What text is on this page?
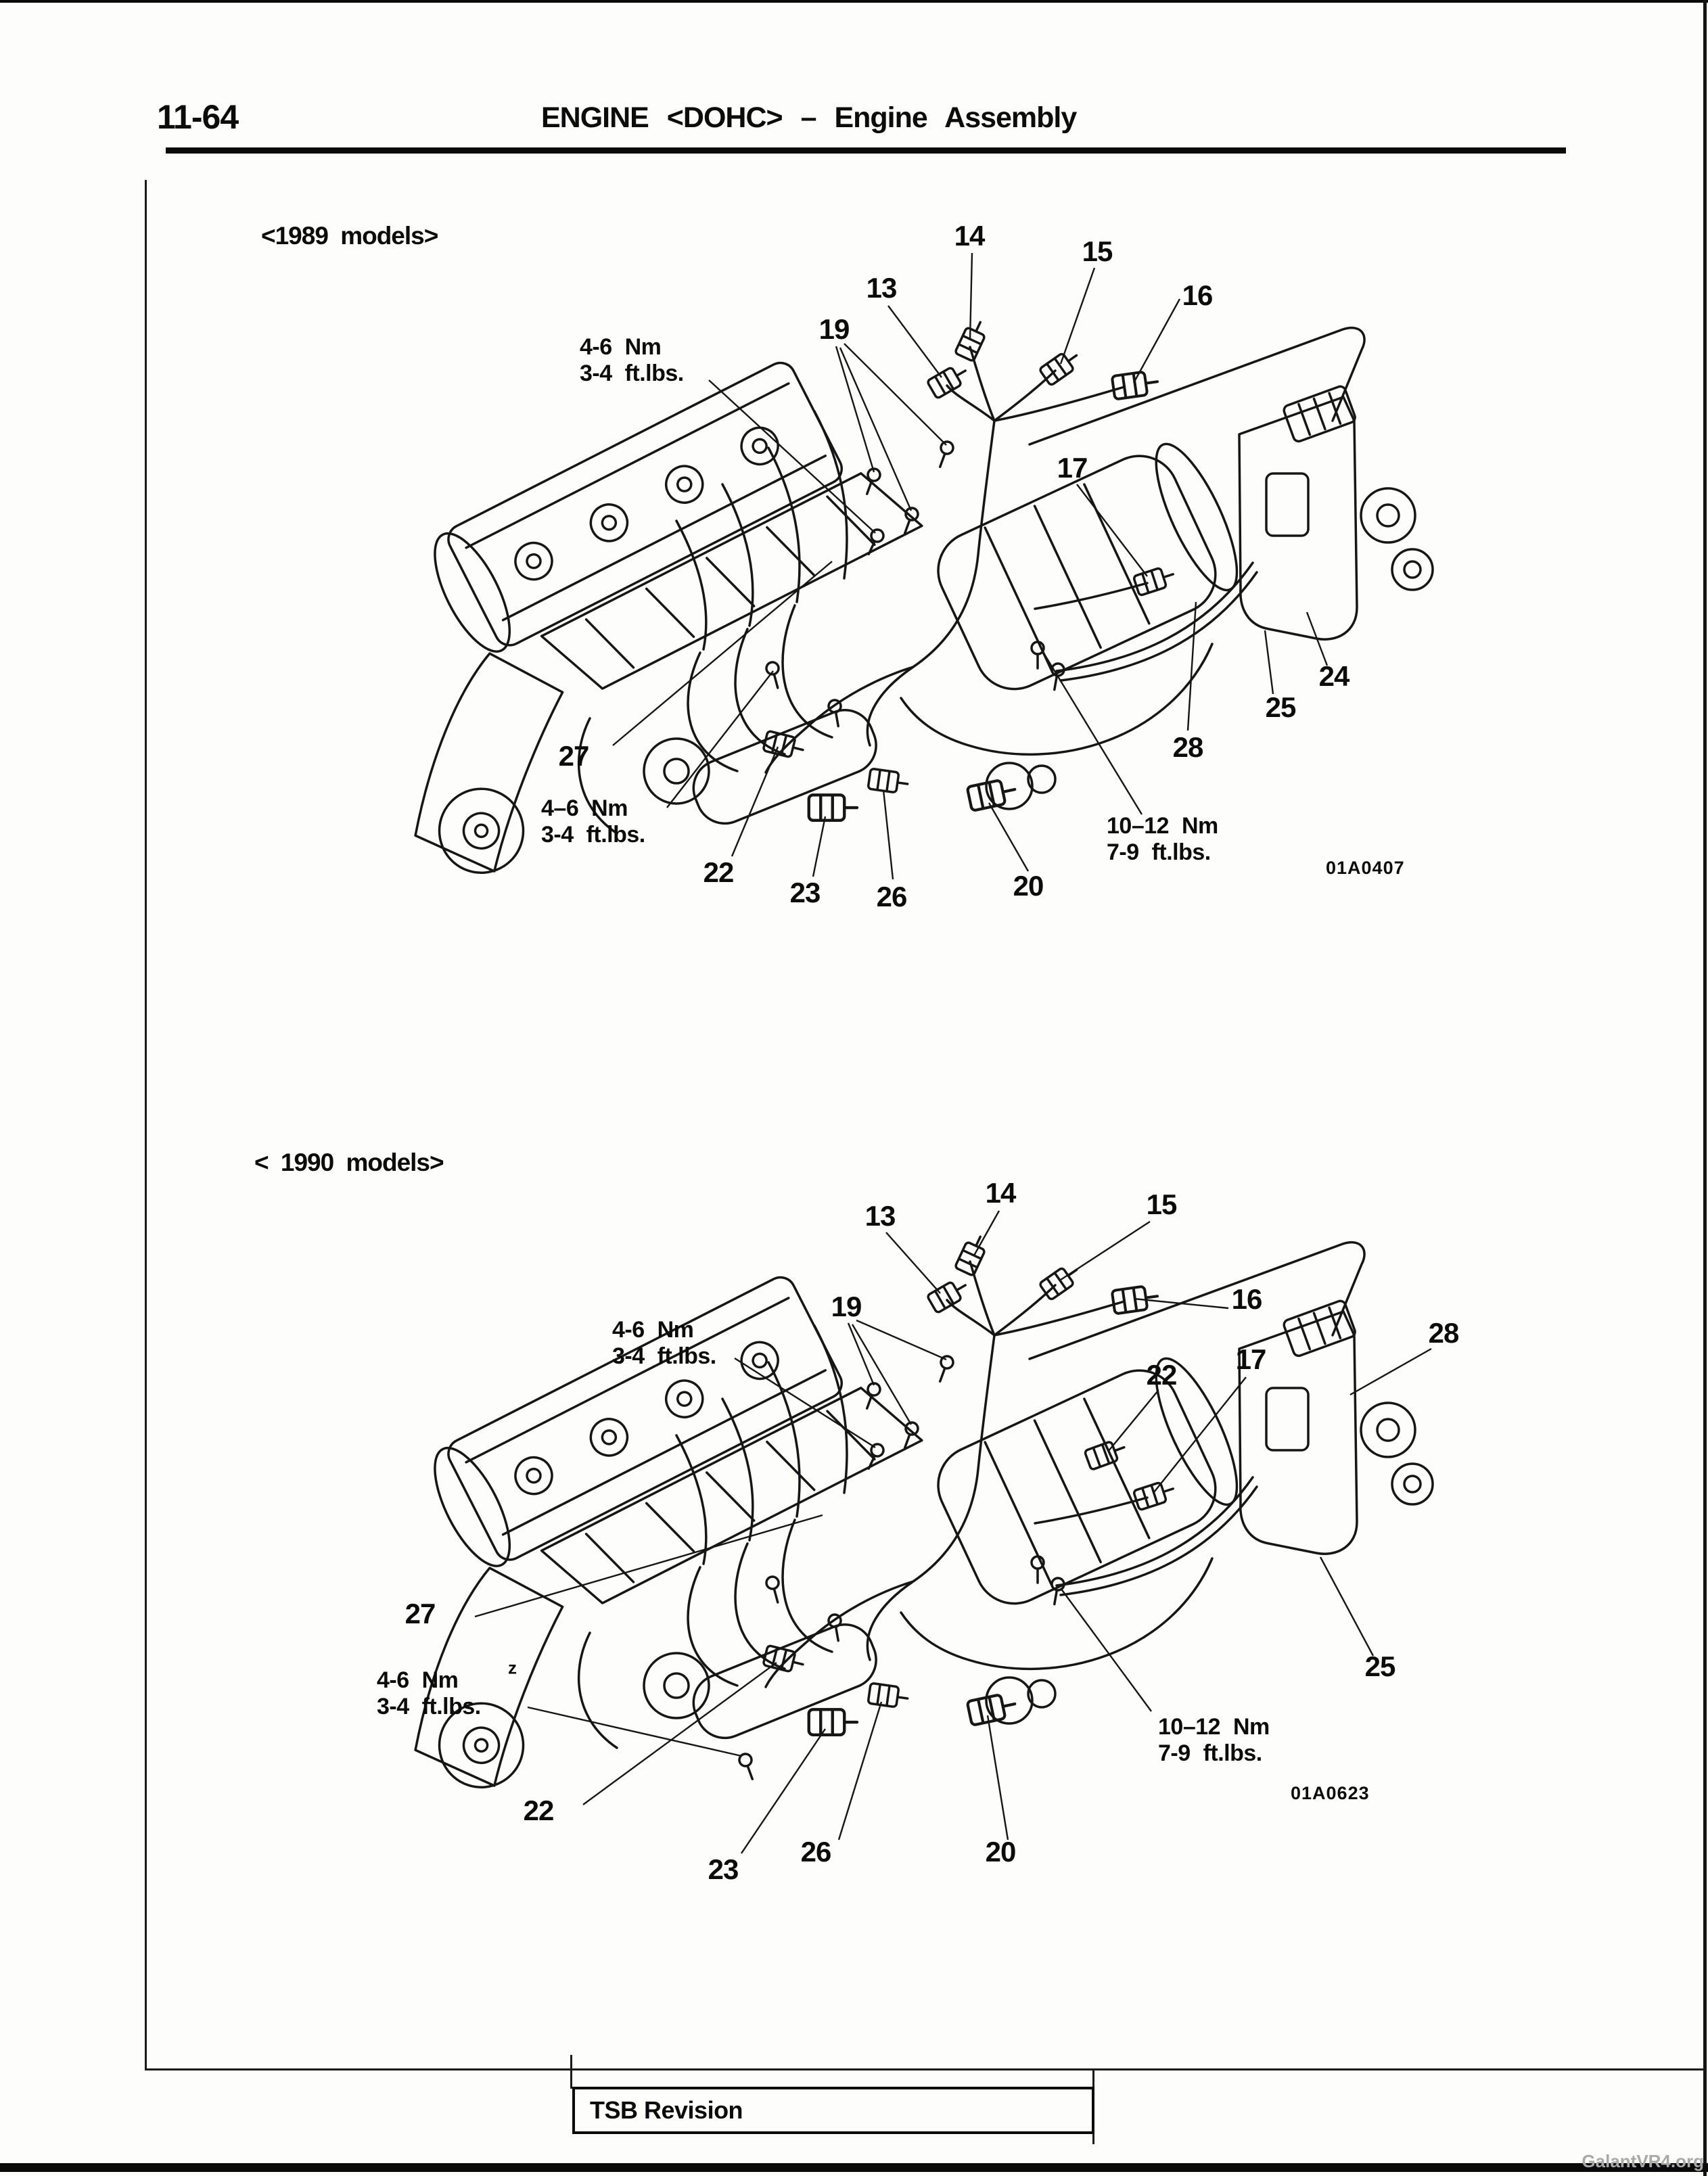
11-64	ENGINE <DOHC> – Engine Assembly
<1989 models>
< 1990 models>
13
14	15
16
19
17
24
25
28
27
22
23 26	20
4-6 Nm
3-4 ft.lbs.
4–6 Nm
3-4 ft.lbs.	10–12 Nm
7-9 ft.lbs.
01A0407
13
14	15
16
19
22 17
28
27
z
22
23
26	20
25
4-6 Nm
3-4 ft.lbs.
4-6 Nm
3-4 ft.lbs.
10–12 Nm
7-9 ft.lbs.
01A0623
TSB Revision
GalantVR4.org
